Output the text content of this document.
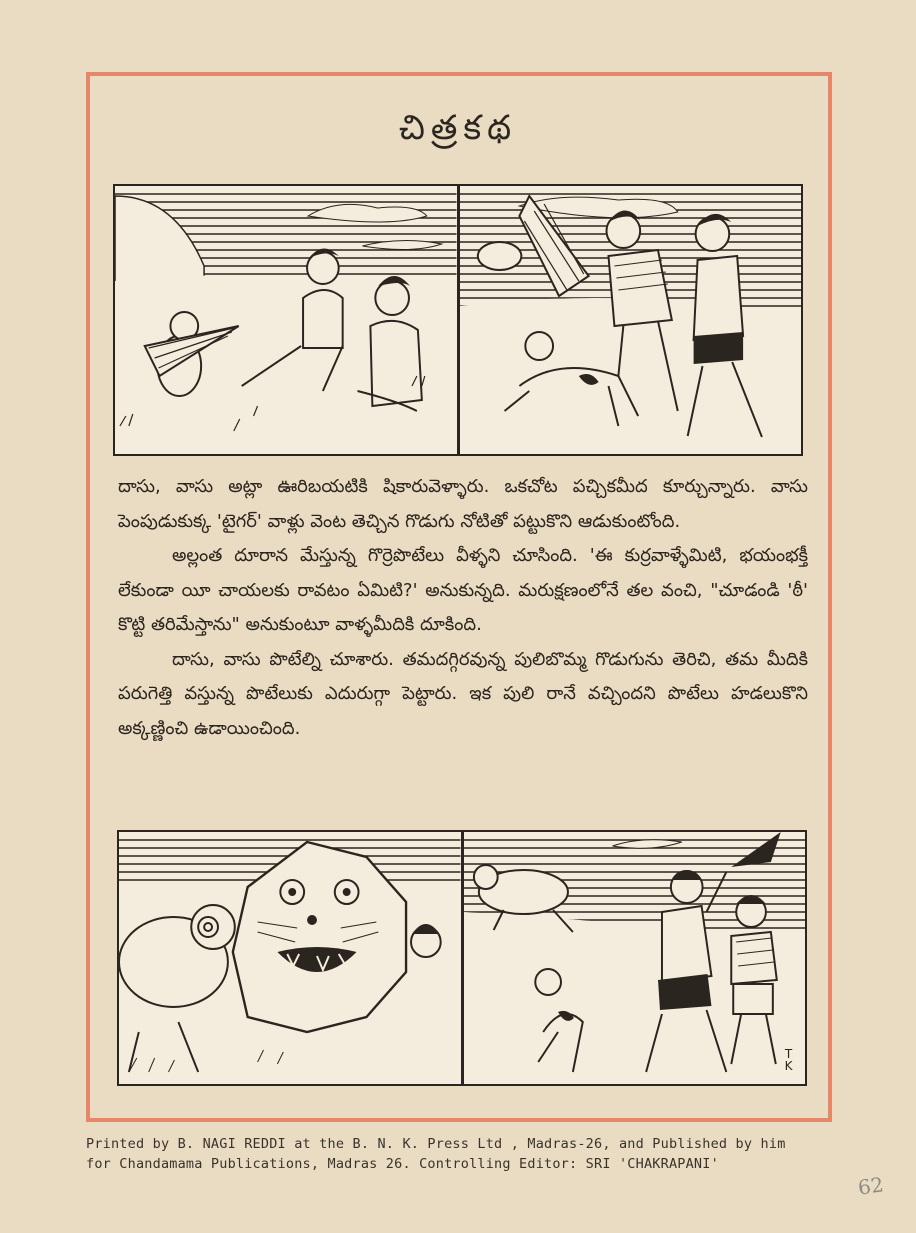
చిత్రకథ

దాసు, వాసు అట్లా ఊరిబయటికి షికారువెళ్ళారు. ఒకచోట పచ్చికమీద కూర్చున్నారు. వాసు పెంపుడుకుక్క 'టైగర్' వాళ్లు వెంట తెచ్చిన గొడుగు నోటితో పట్టుకొని ఆడుకుంటోంది.

అల్లంత దూరాన మేస్తున్న గొర్రెపొటేలు వీళ్ళని చూసింది. 'ఈ కుర్రవాళ్ళేమిటి, భయంభక్తీ లేకుండా యీ చాయలకు రావటం ఏమిటి?' అనుకున్నది. మరుక్షణంలోనే తల వంచి, "చూడండి 'ఠీ' కొట్టి తరిమేస్తాను" అనుకుంటూ వాళ్ళమీదికి దూకింది.

దాసు, వాసు పొటేల్ని చూశారు. తమదగ్గిరవున్న పులిబొమ్మ గొడుగును తెరిచి, తమ మీదికి పరుగెత్తి వస్తున్న పొటేలుకు ఎదురుగ్గా పెట్టారు. ఇక పులి రానే వచ్చిందని పొటేలు హడలుకొని అక్కణ్ణించి ఉడాయించింది.

T
K
Printed by B. NAGI REDDI at the B. N. K. Press Ltd , Madras-26, and Published by him
for Chandamama Publications, Madras 26. Controlling Editor: SRI 'CHAKRAPANI'
62
